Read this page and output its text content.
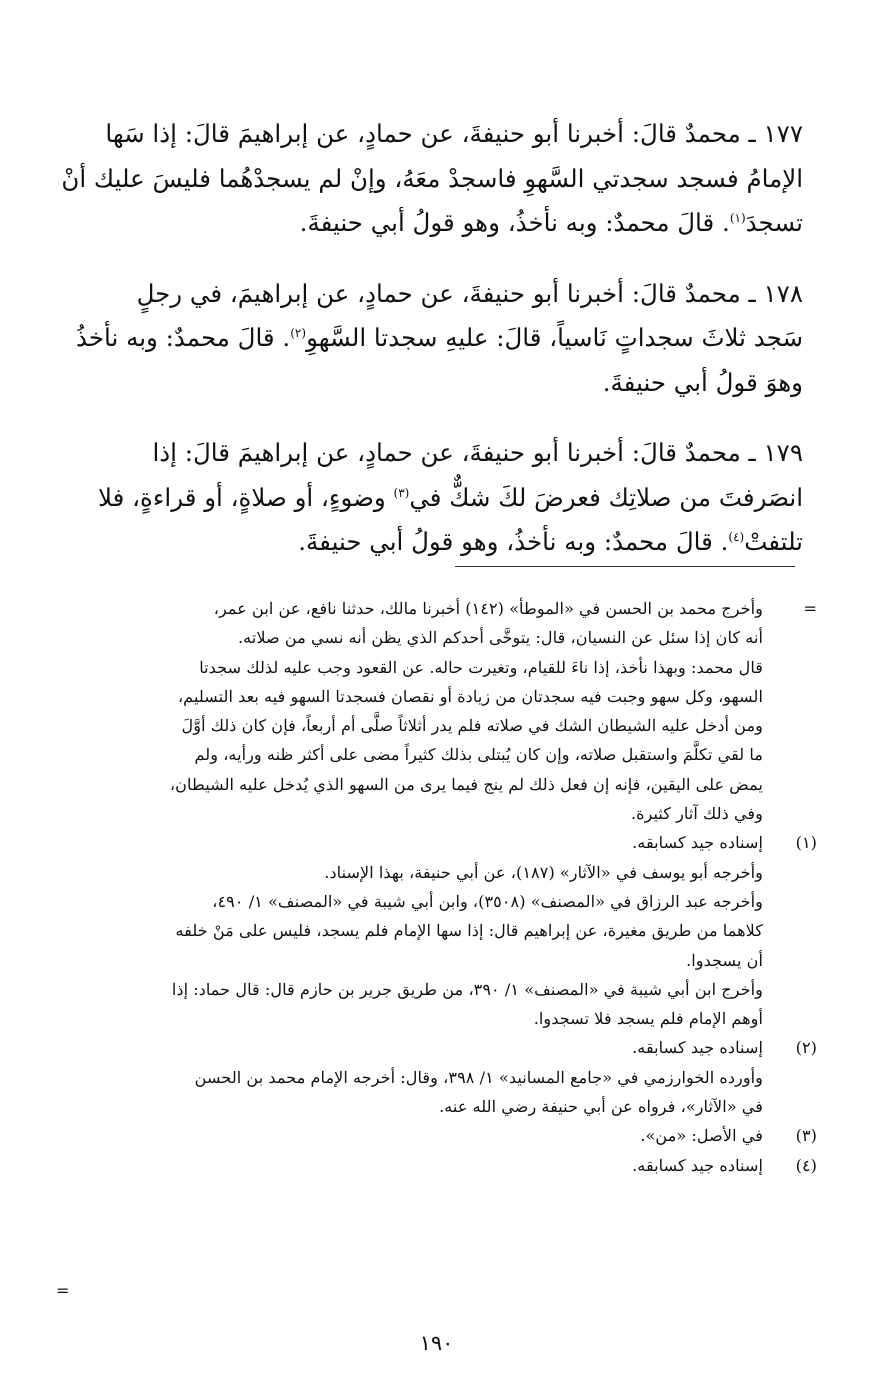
١٧٧ ـ محمدٌ قالَ: أخبرنا أبو حنيفةَ، عن حمادٍ، عن إبراهيمَ قالَ: إذا سَها
الإمامُ فسجد سجدتي السَّهوِ فاسجدْ معَهُ، وإنْ لم يسجدْهُما فليسَ عليك أنْ
تسجدَ$^{(١)}$. قالَ محمدٌ: وبه نأخذُ، وهو قولُ أبي حنيفةَ.

١٧٨ ـ محمدٌ قالَ: أخبرنا أبو حنيفةَ، عن حمادٍ، عن إبراهيمَ، في رجلٍ
سَجد ثلاثَ سجداتٍ نَاسياً، قالَ: عليهِ سجدتا السَّهوِ$^{(٢)}$. قالَ محمدٌ: وبه نأخذُ
وهوَ قولُ أبي حنيفةَ.

١٧٩ ـ محمدٌ قالَ: أخبرنا أبو حنيفةَ، عن حمادٍ، عن إبراهيمَ قالَ: إذا
انصَرفتَ من صلاتِك فعرضَ لكَ شكٌّ في$^{(٣)}$ وضوءٍ، أو صلاةٍ، أو قراءةٍ، فلا
تلتفتْ$^{(٤)}$. قالَ محمدٌ: وبه نأخذُ، وهو قولُ أبي حنيفةَ.

=
وأخرج محمد بن الحسن في «الموطأ» (١٤٢) أخبرنا مالك، حدثنا نافع، عن ابن عمر،
أنه كان إذا سئل عن النسيان، قال: يتوخَّى أحدكم الذي يظن أنه نسي من صلاته.
قال محمد: وبهذا نأخذ، إذا ناءَ للقيام، وتغيرت حاله. عن القعود وجب عليه لذلك سجدتا
السهو، وكل سهو وجبت فيه سجدتان من زيادة أو نقصان فسجدتا السهو فيه بعد التسليم،
ومن أدخل عليه الشيطان الشك في صلاته فلم يدر أثلاثاً صلَّى أم أربعاً، فإن كان ذلك أوَّلَ
ما لقي تكلَّمَ واستقبل صلاته، وإن كان يُبتلى بذلك كثيراً مضى على أكثر ظنه ورأيه، ولم
يمض على اليقين، فإنه إن فعل ذلك لم ينج فيما يرى من السهو الذي يُدخل عليه الشيطان،
وفي ذلك آثار كثيرة.
(١)
إسناده جيد كسابقه.
وأخرجه أبو يوسف في «الآثار» (١٨٧)، عن أبي حنيفة، بهذا الإسناد.
وأخرجه عبد الرزاق في «المصنف» (٣٥٠٨)، وابن أبي شيبة في «المصنف» ١/ ٤٩٠،
كلاهما من طريق مغيرة، عن إبراهيم قال: إذا سها الإمام فلم يسجد، فليس على مَنْ خلفه
أن يسجدوا.
وأخرج ابن أبي شيبة في «المصنف» ١/ ٣٩٠، من طريق جرير بن حازم قال: قال حماد: إذا
أوهم الإمام فلم يسجد فلا تسجدوا.
(٢)
إسناده جيد كسابقه.
وأورده الخوارزمي في «جامع المسانيد» ١/ ٣٩٨، وقال: أخرجه الإمام محمد بن الحسن
في «الآثار»، فرواه عن أبي حنيفة رضي الله عنه.
(٣)
في الأصل: «من».
(٤)
إسناده جيد كسابقه.
=
١٩٠
